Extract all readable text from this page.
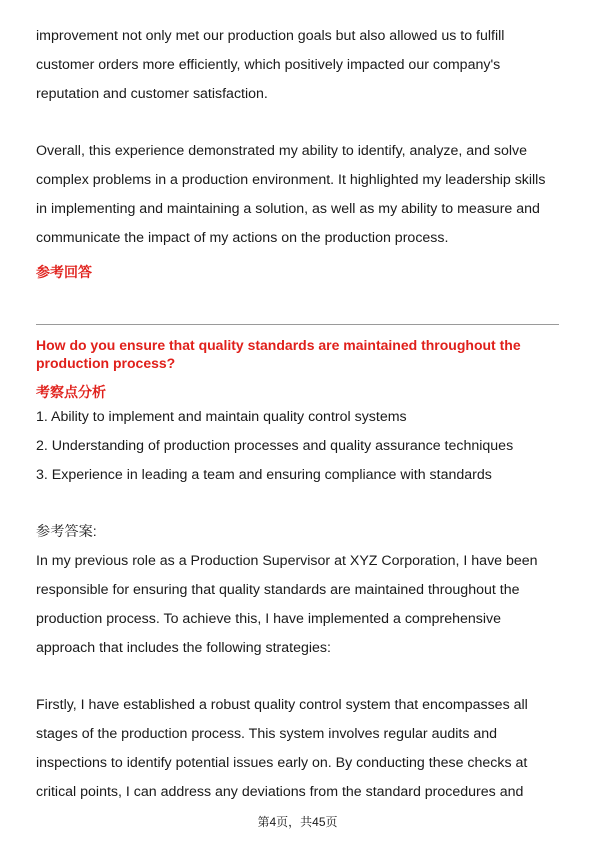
improvement not only met our production goals but also allowed us to fulfill
customer orders more efficiently, which positively impacted our company's
reputation and customer satisfaction.
Overall, this experience demonstrated my ability to identify, analyze, and solve
complex problems in a production environment. It highlighted my leadership skills
in implementing and maintaining a solution, as well as my ability to measure and
communicate the impact of my actions on the production process.
参考回答
How do you ensure that quality standards are maintained throughout the
production process?
考察点分析
1. Ability to implement and maintain quality control systems
2. Understanding of production processes and quality assurance techniques
3. Experience in leading a team and ensuring compliance with standards
参考答案:
In my previous role as a Production Supervisor at XYZ Corporation, I have been
responsible for ensuring that quality standards are maintained throughout the
production process. To achieve this, I have implemented a comprehensive
approach that includes the following strategies:
Firstly, I have established a robust quality control system that encompasses all
stages of the production process. This system involves regular audits and
inspections to identify potential issues early on. By conducting these checks at
critical points, I can address any deviations from the standard procedures and
第4页，共45页
